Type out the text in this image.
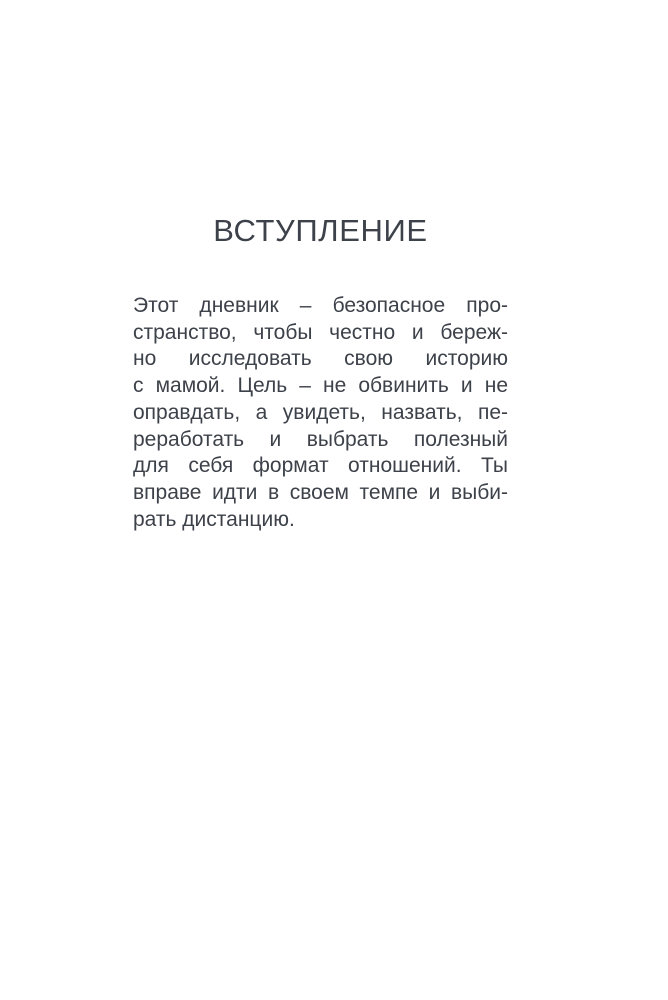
ВСТУПЛЕНИЕ
Этот дневник – безопасное про-
странство, чтобы честно и береж-
но исследовать свою историю
с мамой. Цель – не обвинить и не
оправдать, а увидеть, назвать, пе-
реработать и выбрать полезный
для себя формат отношений. Ты
вправе идти в своем темпе и выби-
рать дистанцию.
